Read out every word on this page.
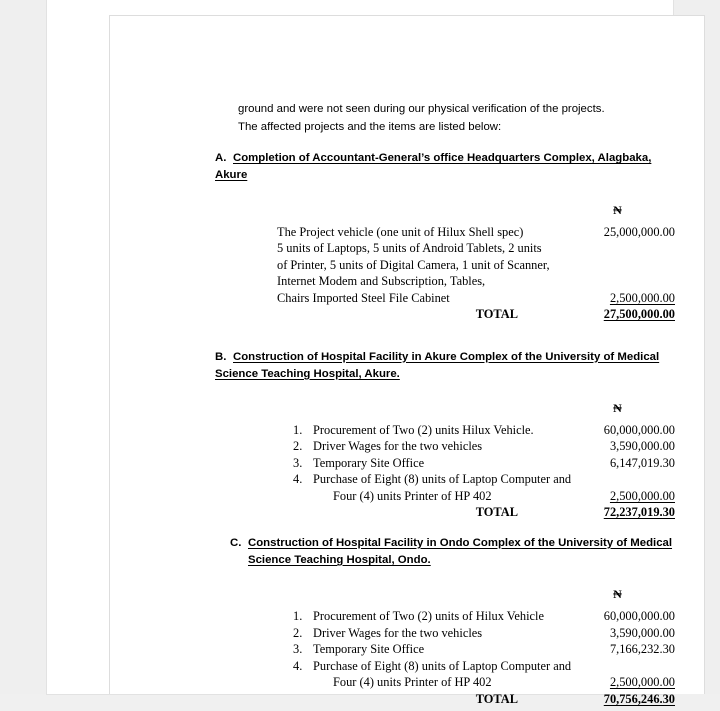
ground and were not seen during our physical verification of the projects.
The affected projects and the items are listed below:
A. Completion of Accountant-General’s office Headquarters Complex, Alagbaka,
Akure
₦
The Project vehicle (one unit of Hilux Shell spec)	25,000,000.00
5 units of Laptops, 5 units of Android Tablets, 2 units
of Printer, 5 units of Digital Camera, 1 unit of Scanner,
Internet Modem and Subscription, Tables,
Chairs Imported Steel File Cabinet	2,500,000.00
TOTAL	27,500,000.00
B. Construction of Hospital Facility in Akure Complex of the University of Medical
Science Teaching Hospital, Akure.
₦
1. Procurement of Two (2) units Hilux Vehicle.	60,000,000.00
2. Driver Wages for the two vehicles	3,590,000.00
3. Temporary Site Office	6,147,019.30
4. Purchase of Eight (8) units of Laptop Computer and
Four (4) units Printer of HP 402	2,500,000.00
TOTAL	72,237,019.30
C. Construction of Hospital Facility in Ondo Complex of the University of Medical
Science Teaching Hospital, Ondo.
₦
1. Procurement of Two (2) units of Hilux Vehicle	60,000,000.00
2. Driver Wages for the two vehicles	3,590,000.00
3. Temporary Site Office	7,166,232.30
4. Purchase of Eight (8) units of Laptop Computer and
Four (4) units Printer of HP 402	2,500,000.00
TOTAL	70,756,246.30
